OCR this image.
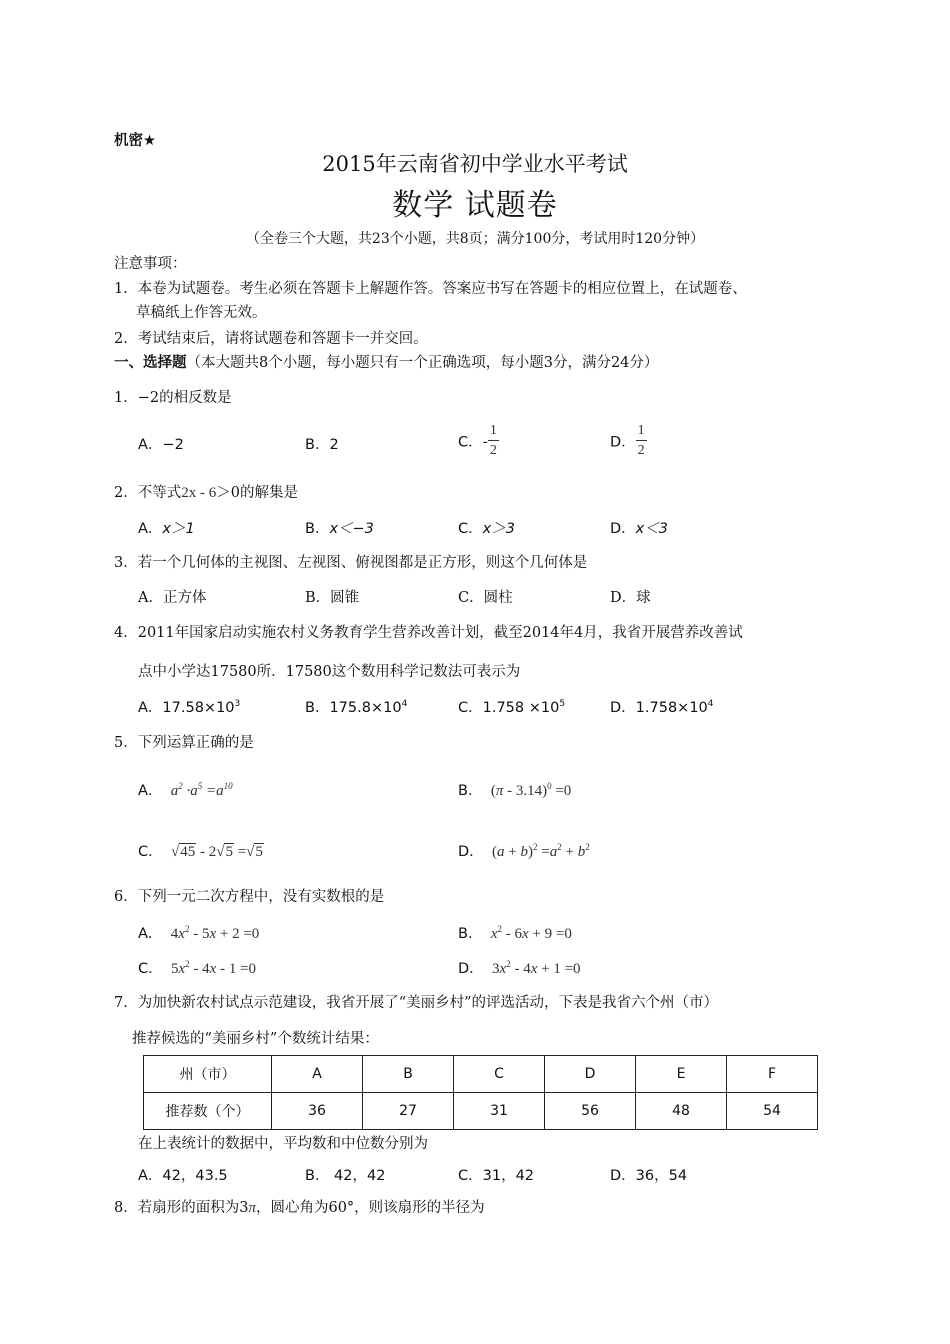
机密★
2015年云南省初中学业水平考试
数学 试题卷
（全卷三个大题，共23个小题，共8页；满分100分，考试用时120分钟）
注意事项：
1．本卷为试题卷。考生必须在答题卡上解题作答。答案应书写在答题卡的相应位置上，在试题卷、
草稿纸上作答无效。
2．考试结束后，请将试题卷和答题卡一并交回。
一、选择题（本大题共8个小题，每小题只有一个正确选项，每小题3分，满分24分）
1．−2的相反数是
A．−2	B．2	C．- $\frac{1}{2}$	D． $\frac{1}{2}$
2．不等式2x - 6＞0的解集是
A．x＞1	B．x＜−3	C．x＞3	D．x＜3
3．若一个几何体的主视图、左视图、俯视图都是正方形，则这个几何体是
A．正方体	B．圆锥	C．圆柱	D．球
4．2011年国家启动实施农村义务教育学生营养改善计划，截至2014年4月，我省开展营养改善试
点中小学达17580所．17580这个数用科学记数法可表示为
A．$17.58\times 10^3$	B．$175.8\times 10^4$	C．$1.758 \times 10^5$	D．$1.758\times 10^4$
5．下列运算正确的是
A．  $a^2 \cdot a^5 =a^{10}$	B．  (π - 3.14)$^0$ =0
C．  √45 - 2√5 =√5	D．  $(a + b)^2 =a^2 + b^2$
6．下列一元二次方程中，没有实数根的是
A．  $4x^2 - 5x + 2 =0$	B． $x^2 - 6x + 9 =0$
C．  $5x^2 - 4x - 1 =0$	D．  $3x^2 - 4x + 1 =0$
7．为加快新农村试点示范建设，我省开展了“美丽乡村”的评选活动，下表是我省六个州（市）
推荐候选的“美丽乡村”个数统计结果：
州（市）	A	B	C	D	E	F
推荐数（个）	36	27	31	56	48	54
在上表统计的数据中，平均数和中位数分别为
A．42，43.5	B． 42，42	C．31，42	D．36，54
8．若扇形的面积为3π，圆心角为60°，则该扇形的半径为
